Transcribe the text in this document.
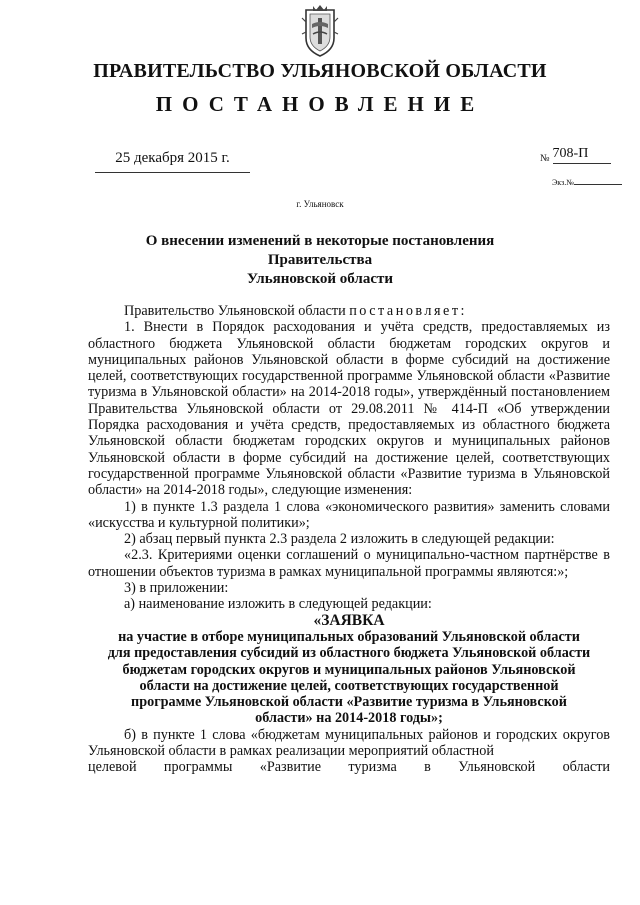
ПРАВИТЕЛЬСТВО УЛЬЯНОВСКОЙ ОБЛАСТИ
ПОСТАНОВЛЕНИЕ
25 декабря 2015 г.	№ 708-П
Экз.№
г. Ульяновск
О внесении изменений в некоторые постановления Правительства
Ульяновской области

Правительство Ульяновской области постановляет:

1. Внести в Порядок расходования и учёта средств, предоставляемых из областного бюджета Ульяновской области бюджетам городских округов и муниципальных районов Ульяновской области в форме субсидий на достижение целей, соответствующих государственной программе Ульяновской области «Развитие туризма в Ульяновской области» на 2014-2018 годы», утверждённый постановлением Правительства Ульяновской области от 29.08.2011 № 414-П «Об утверждении Порядка расходования и учёта средств, предоставляемых из областного бюджета Ульяновской области бюджетам городских округов и муниципальных районов Ульяновской области в форме субсидий на достижение целей, соответствующих государственной программе Ульяновской области «Развитие туризма в Ульяновской области» на 2014-2018 годы», следующие изменения:

1) в пункте 1.3 раздела 1 слова «экономического развития» заменить словами «искусства и культурной политики»;

2) абзац первый пункта 2.3 раздела 2 изложить в следующей редакции:

«2.3. Критериями оценки соглашений о муниципально-частном партнёрстве в отношении объектов туризма в рамках муниципальной программы являются:»;

3) в приложении:

а) наименование изложить в следующей редакции:

«ЗАЯВКА

на участие в отборе муниципальных образований Ульяновской области
для предоставления субсидий из областного бюджета Ульяновской области
бюджетам городских округов и муниципальных районов Ульяновской
области на достижение целей, соответствующих государственной
программе Ульяновской области «Развитие туризма в Ульяновской
области» на 2014-2018 годы»;

б) в пункте 1 слова «бюджетам муниципальных районов и городских округов Ульяновской области в рамках реализации мероприятий областной

целевой программы «Развитие туризма в Ульяновской области
